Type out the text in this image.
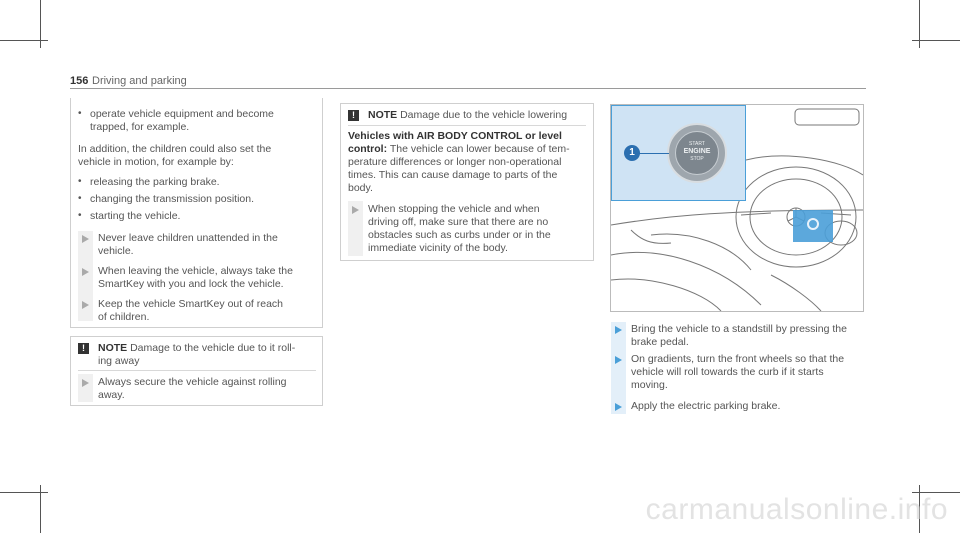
156 Driving and parking
• operate vehicle equipment and become
trapped, for example.
In addition, the children could also set the
vehicle in motion, for example by:
• releasing the parking brake.
• changing the transmission position.
• starting the vehicle.
Never leave children unattended in the
vehicle.
When leaving the vehicle, always take the
SmartKey with you and lock the vehicle.
Keep the vehicle SmartKey out of reach
of children.
!	NOTE Damage to the vehicle due to it roll-
ing away
Always secure the vehicle against rolling
away.
!	NOTE Damage due to the vehicle lowering
Vehicles with AIR BODY CONTROL or level
control: The vehicle can lower because of tem-
perature differences or longer non-operational
times. This can cause damage to parts of the
body.
When stopping the vehicle and when
driving off, make sure that there are no
obstacles such as curbs under or in the
immediate vicinity of the body.
START
ENGINE
STOP
1
Bring the vehicle to a standstill by pressing the
brake pedal.
On gradients, turn the front wheels so that the
vehicle will roll towards the curb if it starts
moving.
Apply the electric parking brake.
carmanualsonline.info
